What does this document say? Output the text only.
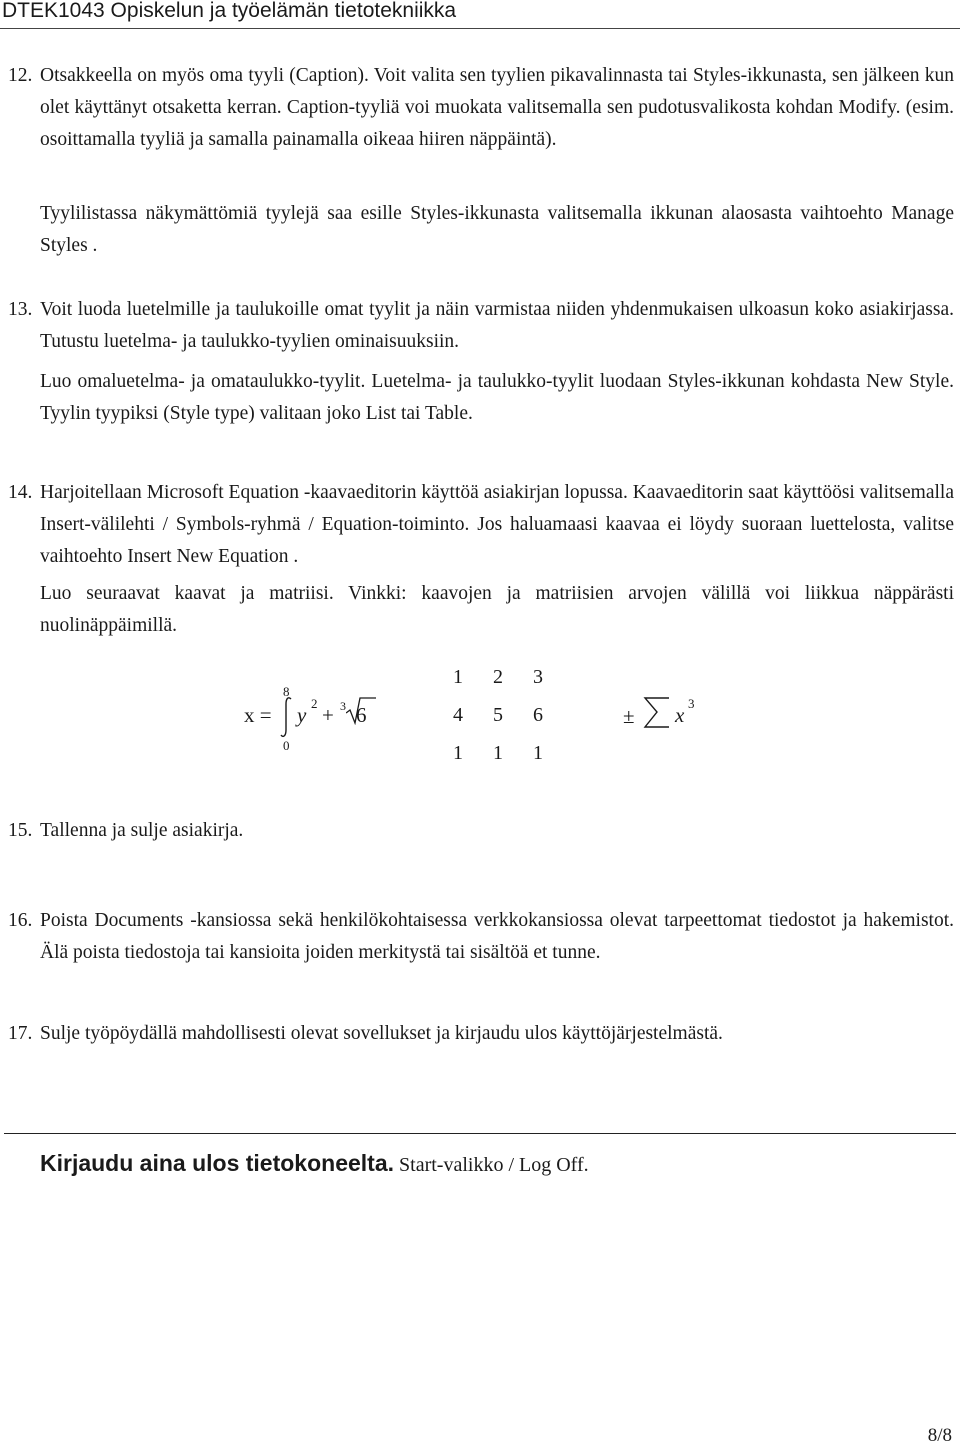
DTEK1043 Opiskelun ja työelämän tietotekniikka
12. Otsakkeella on myös oma tyyli (Caption). Voit valita sen tyylien pikavalinnasta tai Styles-ikkunasta, sen jälkeen kun olet käyttänyt otsaketta kerran. Caption-tyyliä voi muokata valitsemalla sen pudotusvalikosta kohdan Modify. (esim. osoittamalla tyyliä ja samalla painamalla oikeaa hiiren näppäintä).
Tyylilistassa näkymättömiä tyylejä saa esille Styles-ikkunasta valitsemalla ikkunan alaosasta vaihtoehto Manage Styles .
13. Voit luoda luetelmille ja taulukoille omat tyylit ja näin varmistaa niiden yhdenmukaisen ulkoasun koko asiakirjassa. Tutustu luetelma- ja taulukko-tyylien ominaisuuksiin.
Luo omaluetelma- ja omataulukko-tyylit. Luetelma- ja taulukko-tyylit luodaan Styles-ikkunan kohdasta New Style. Tyylin tyypiksi (Style type) valitaan joko List tai Table.
14. Harjoitellaan Microsoft Equation -kaavaeditorin käyttöä asiakirjan lopussa. Kaavaeditorin saat käyttöösi valitsemalla Insert-välilehti / Symbols-ryhmä / Equation-toiminto. Jos haluamaasi kaavaa ei löydy suoraan luettelosta, valitse vaihtoehto Insert New Equation .
Luo seuraavat kaavat ja matriisi. Vinkki: kaavojen ja matriisien arvojen välillä voi liikkua näppärästi nuolinäppäimillä.
x =
8
0
y 2 + 3 6
1 2 3
4 5 6
1 1 1
± x 3
15. Tallenna ja sulje asiakirja.
16. Poista Documents -kansiossa sekä henkilökohtaisessa verkkokansiossa olevat tarpeettomat tiedostot ja hakemistot. Älä poista tiedostoja tai kansioita joiden merkitystä tai sisältöä et tunne.
17. Sulje työpöydällä mahdollisesti olevat sovellukset ja kirjaudu ulos käyttöjärjestelmästä.
Kirjaudu aina ulos tietokoneelta. Start-valikko / Log Off.
8/8
